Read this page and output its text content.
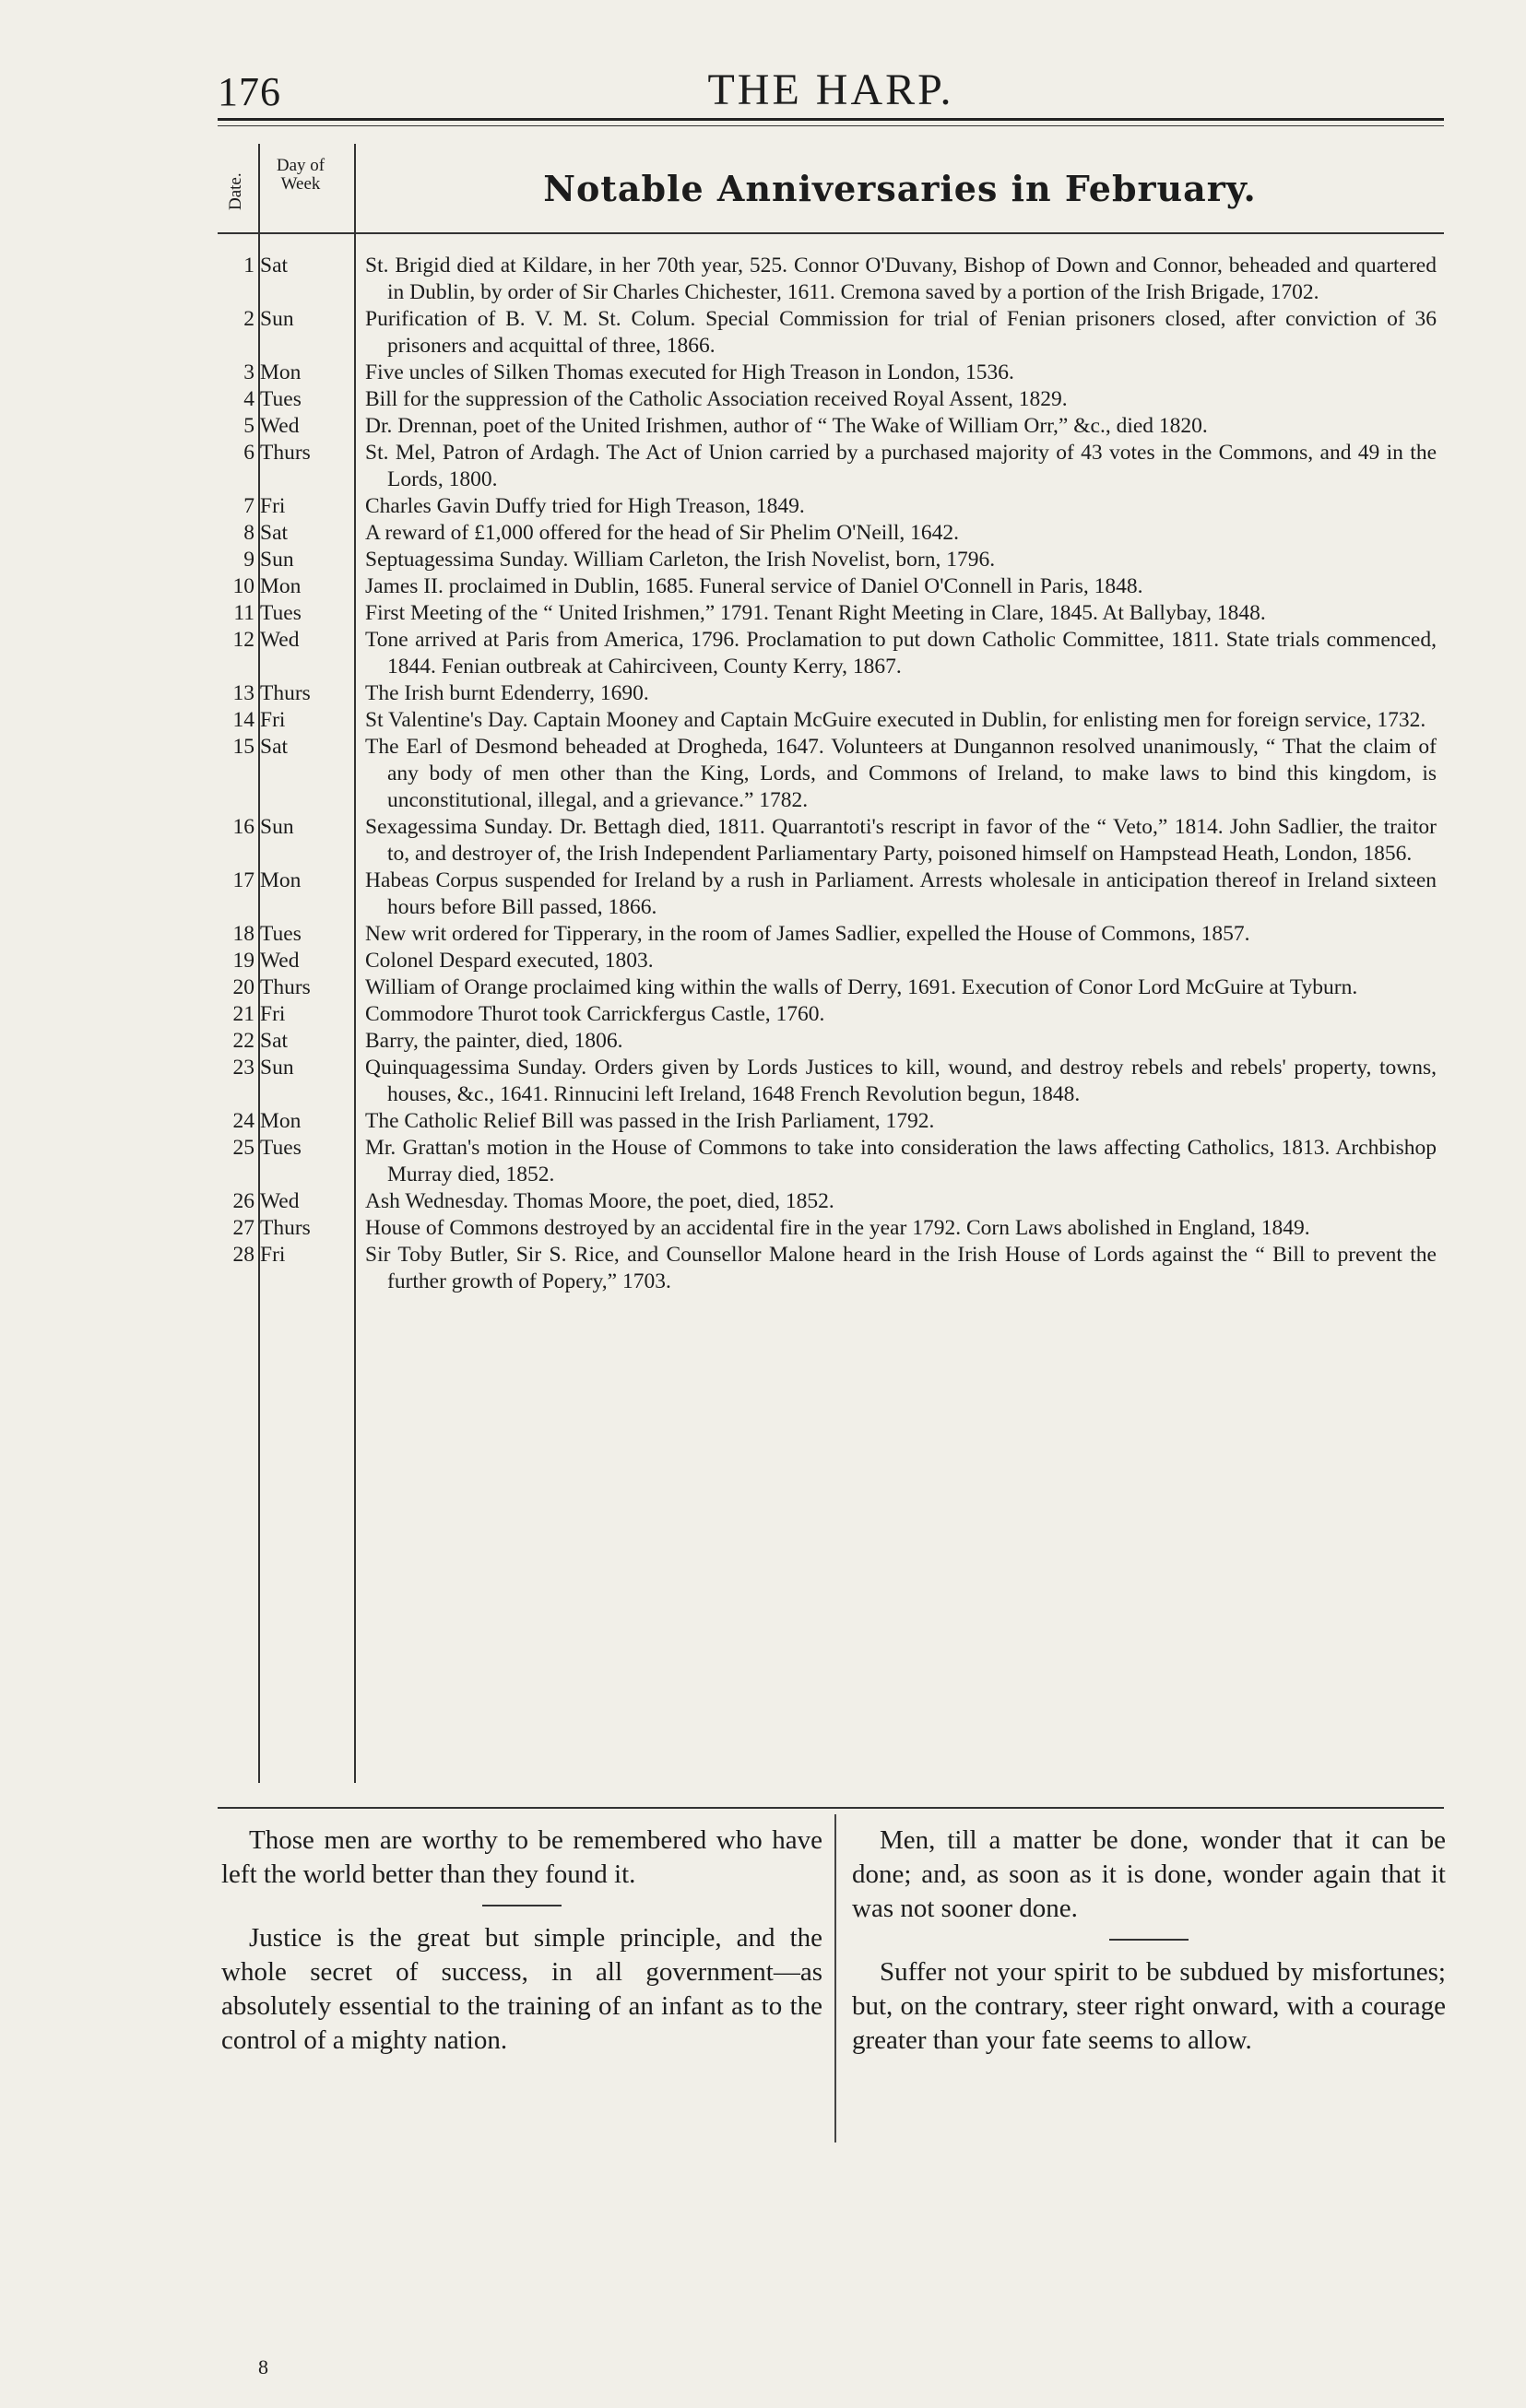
176	THE HARP.
Date.
Day of Week	Notable Anniversaries in February.
1 Sat	St. Brigid died at Kildare, in her 70th year, 525. Connor O'Duvany, Bishop of Down and Connor, beheaded and quartered in Dublin, by order of Sir Charles Chichester, 1611. Cremona saved by a portion of the Irish Brigade, 1702.
2 Sun	Purification of B. V. M. St. Colum. Special Commission for trial of Fenian prisoners closed, after conviction of 36 prisoners and acquittal of three, 1866.
3 Mon	Five uncles of Silken Thomas executed for High Treason in London, 1536.
4 Tues	Bill for the suppression of the Catholic Association received Royal Assent, 1829.
5 Wed	Dr. Drennan, poet of the United Irishmen, author of “ The Wake of William Orr,” &c., died 1820.
6 Thurs	St. Mel, Patron of Ardagh. The Act of Union carried by a purchased majority of 43 votes in the Commons, and 49 in the Lords, 1800.
7 Fri	Charles Gavin Duffy tried for High Treason, 1849.
8 Sat	A reward of £1,000 offered for the head of Sir Phelim O'Neill, 1642.
9 Sun	Septuagessima Sunday. William Carleton, the Irish Novelist, born, 1796.
10 Mon	James II. proclaimed in Dublin, 1685. Funeral service of Daniel O'Connell in Paris, 1848.
11 Tues	First Meeting of the “ United Irishmen,” 1791. Tenant Right Meeting in Clare, 1845. At Ballybay, 1848.
12 Wed	Tone arrived at Paris from America, 1796. Proclamation to put down Catholic Committee, 1811. State trials commenced, 1844. Fenian outbreak at Cahirciveen, County Kerry, 1867.
13 Thurs	The Irish burnt Edenderry, 1690.
14 Fri	St Valentine's Day. Captain Mooney and Captain McGuire executed in Dublin, for enlisting men for foreign service, 1732.
15 Sat	The Earl of Desmond beheaded at Drogheda, 1647. Volunteers at Dungannon resolved unanimously, “ That the claim of any body of men other than the King, Lords, and Commons of Ireland, to make laws to bind this kingdom, is unconstitutional, illegal, and a grievance.” 1782.
16 Sun	Sexagessima Sunday. Dr. Bettagh died, 1811. Quarrantoti's rescript in favor of the “ Veto,” 1814. John Sadlier, the traitor to, and destroyer of, the Irish Independent Parliamentary Party, poisoned himself on Hampstead Heath, London, 1856.
17 Mon	Habeas Corpus suspended for Ireland by a rush in Parliament. Arrests wholesale in anticipation thereof in Ireland sixteen hours before Bill passed, 1866.
18 Tues	New writ ordered for Tipperary, in the room of James Sadlier, expelled the House of Commons, 1857.
19 Wed	Colonel Despard executed, 1803.
20 Thurs	William of Orange proclaimed king within the walls of Derry, 1691. Execution of Conor Lord McGuire at Tyburn.
21 Fri	Commodore Thurot took Carrickfergus Castle, 1760.
22 Sat	Barry, the painter, died, 1806.
23 Sun	Quinquagessima Sunday. Orders given by Lords Justices to kill, wound, and destroy rebels and rebels' property, towns, houses, &c., 1641. Rinnucini left Ireland, 1648 French Revolution begun, 1848.
24 Mon	The Catholic Relief Bill was passed in the Irish Parliament, 1792.
25 Tues	Mr. Grattan's motion in the House of Commons to take into consideration the laws affecting Catholics, 1813. Archbishop Murray died, 1852.
26 Wed	Ash Wednesday. Thomas Moore, the poet, died, 1852.
27 Thurs	House of Commons destroyed by an accidental fire in the year 1792. Corn Laws abolished in England, 1849.
28 Fri	Sir Toby Butler, Sir S. Rice, and Counsellor Malone heard in the Irish House of Lords against the “ Bill to prevent the further growth of Popery,” 1703.

Those men are worthy to be remembered who have left the world better than they found it.

Justice is the great but simple principle, and the whole secret of success, in all government—as absolutely essential to the training of an infant as to the control of a mighty nation.

Men, till a matter be done, wonder that it can be done; and, as soon as it is done, wonder again that it was not sooner done.

Suffer not your spirit to be subdued by misfortunes; but, on the contrary, steer right onward, with a courage greater than your fate seems to allow.

8
